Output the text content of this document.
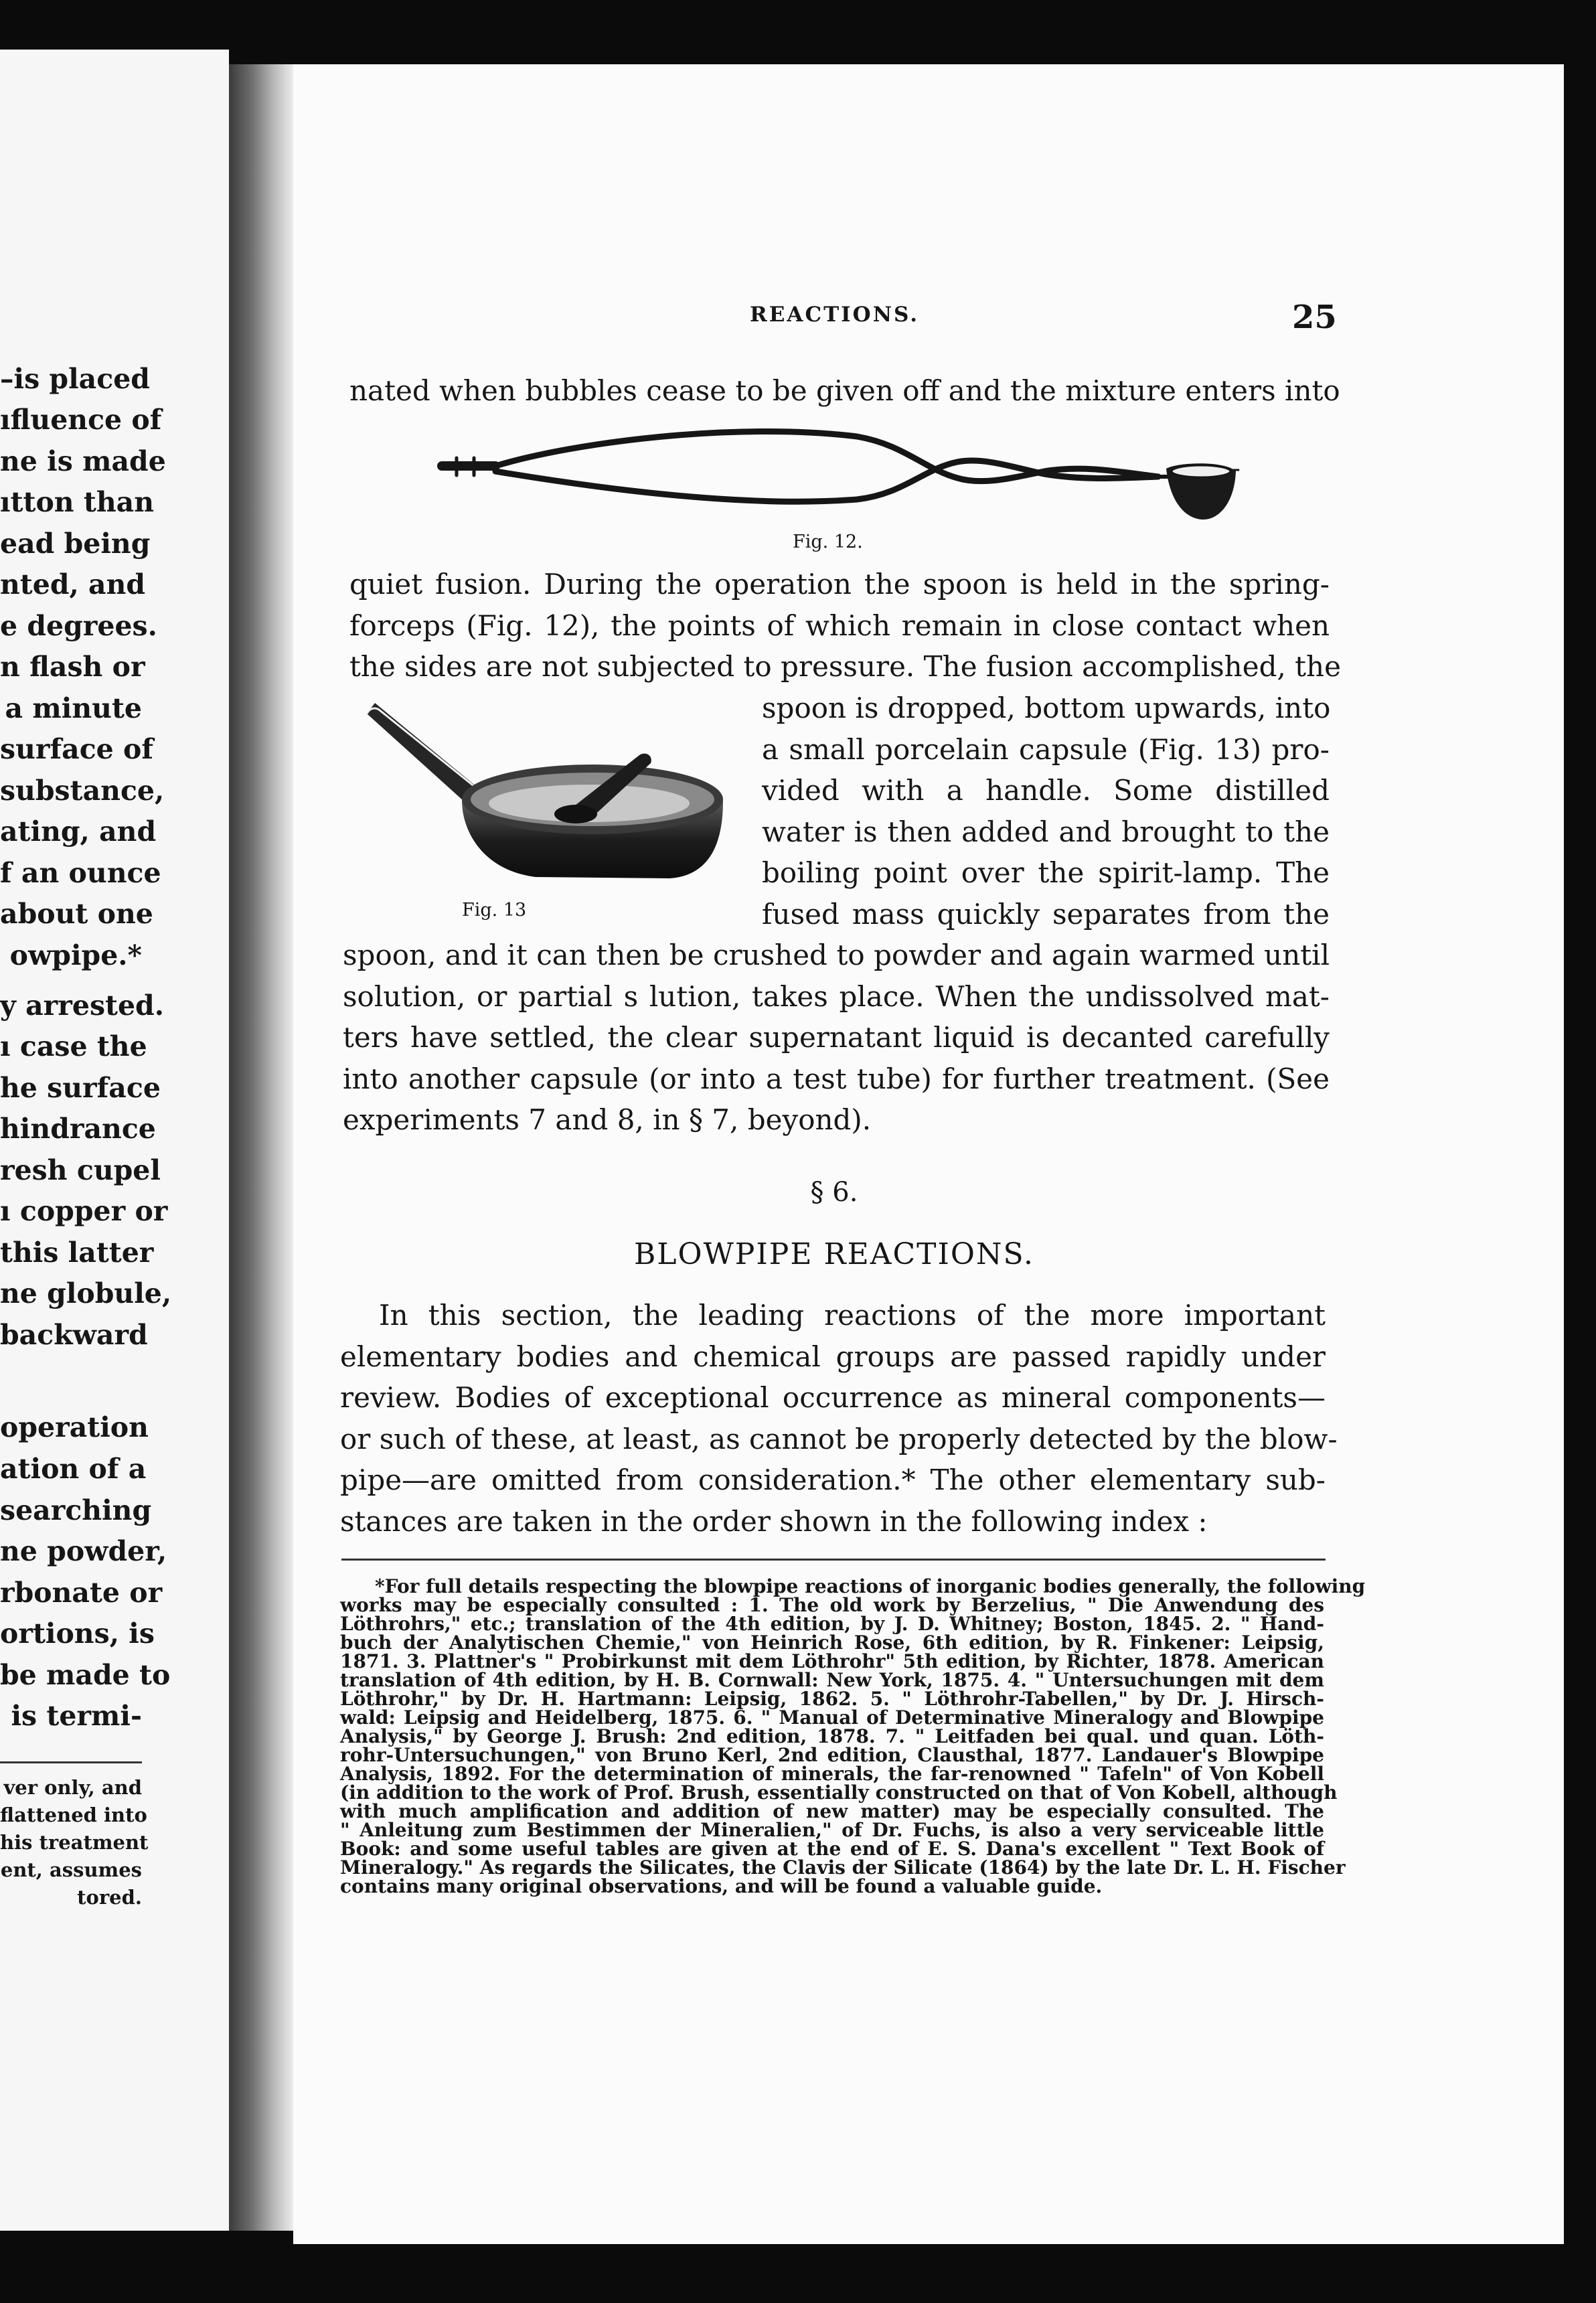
–is placed
ıfluence of
ne is made
ıtton than
ead being
nted, and
e degrees.
n flash or
a minute
surface of
substance,
ating, and
f an ounce
about one
owpipe.*
y arrested.
ı case the
he surface
hindrance
resh cupel
ı copper or
this latter
ne globule,
backward
operation
ation of a
searching
ne powder,
rbonate or
ortions, is
be made to
is termi-
ver only, and
flattened into
his treatment
ent, assumes
tored.
REACTIONS.	25
nated when bubbles cease to be given off and the mixture enters into
Fig. 12.
quiet fusion. During the operation the spoon is held in the spring-
forceps (Fig. 12), the points of which remain in close contact when
the sides are not subjected to pressure. The fusion accomplished, the
spoon is dropped, bottom upwards, into
a small porcelain capsule (Fig. 13) pro-
vided with a handle. Some distilled
water is then added and brought to the
boiling point over the spirit-lamp. The
fused mass quickly separates from the
Fig. 13
spoon, and it can then be crushed to powder and again warmed until
solution, or partial s lution, takes place. When the undissolved mat-
ters have settled, the clear supernatant liquid is decanted carefully
into another capsule (or into a test tube) for further treatment. (See
experiments 7 and 8, in § 7, beyond).
§ 6.
BLOWPIPE REACTIONS.
In this section, the leading reactions of the more important
elementary bodies and chemical groups are passed rapidly under
review. Bodies of exceptional occurrence as mineral components—
or such of these, at least, as cannot be properly detected by the blow-
pipe—are omitted from consideration.* The other elementary sub-
stances are taken in the order shown in the following index :
*For full details respecting the blowpipe reactions of inorganic bodies generally, the following
works may be especially consulted : 1. The old work by Berzelius, " Die Anwendung des
Löthrohrs," etc.; translation of the 4th edition, by J. D. Whitney; Boston, 1845. 2. " Hand-
buch der Analytischen Chemie," von Heinrich Rose, 6th edition, by R. Finkener: Leipsig,
1871. 3. Plattner's " Probirkunst mit dem Löthrohr" 5th edition, by Richter, 1878. American
translation of 4th edition, by H. B. Cornwall: New York, 1875. 4. " Untersuchungen mit dem
Löthrohr," by Dr. H. Hartmann: Leipsig, 1862. 5. " Löthrohr-Tabellen," by Dr. J. Hirsch-
wald: Leipsig and Heidelberg, 1875. 6. " Manual of Determinative Mineralogy and Blowpipe
Analysis," by George J. Brush: 2nd edition, 1878. 7. " Leitfaden bei qual. und quan. Löth-
rohr-Untersuchungen," von Bruno Kerl, 2nd edition, Clausthal, 1877. Landauer's Blowpipe
Analysis, 1892. For the determination of minerals, the far-renowned " Tafeln" of Von Kobell
(in addition to the work of Prof. Brush, essentially constructed on that of Von Kobell, although
with much amplification and addition of new matter) may be especially consulted. The
" Anleitung zum Bestimmen der Mineralien," of Dr. Fuchs, is also a very serviceable little
Book: and some useful tables are given at the end of E. S. Dana's excellent " Text Book of
Mineralogy." As regards the Silicates, the Clavis der Silicate (1864) by the late Dr. L. H. Fischer
contains many original observations, and will be found a valuable guide.
